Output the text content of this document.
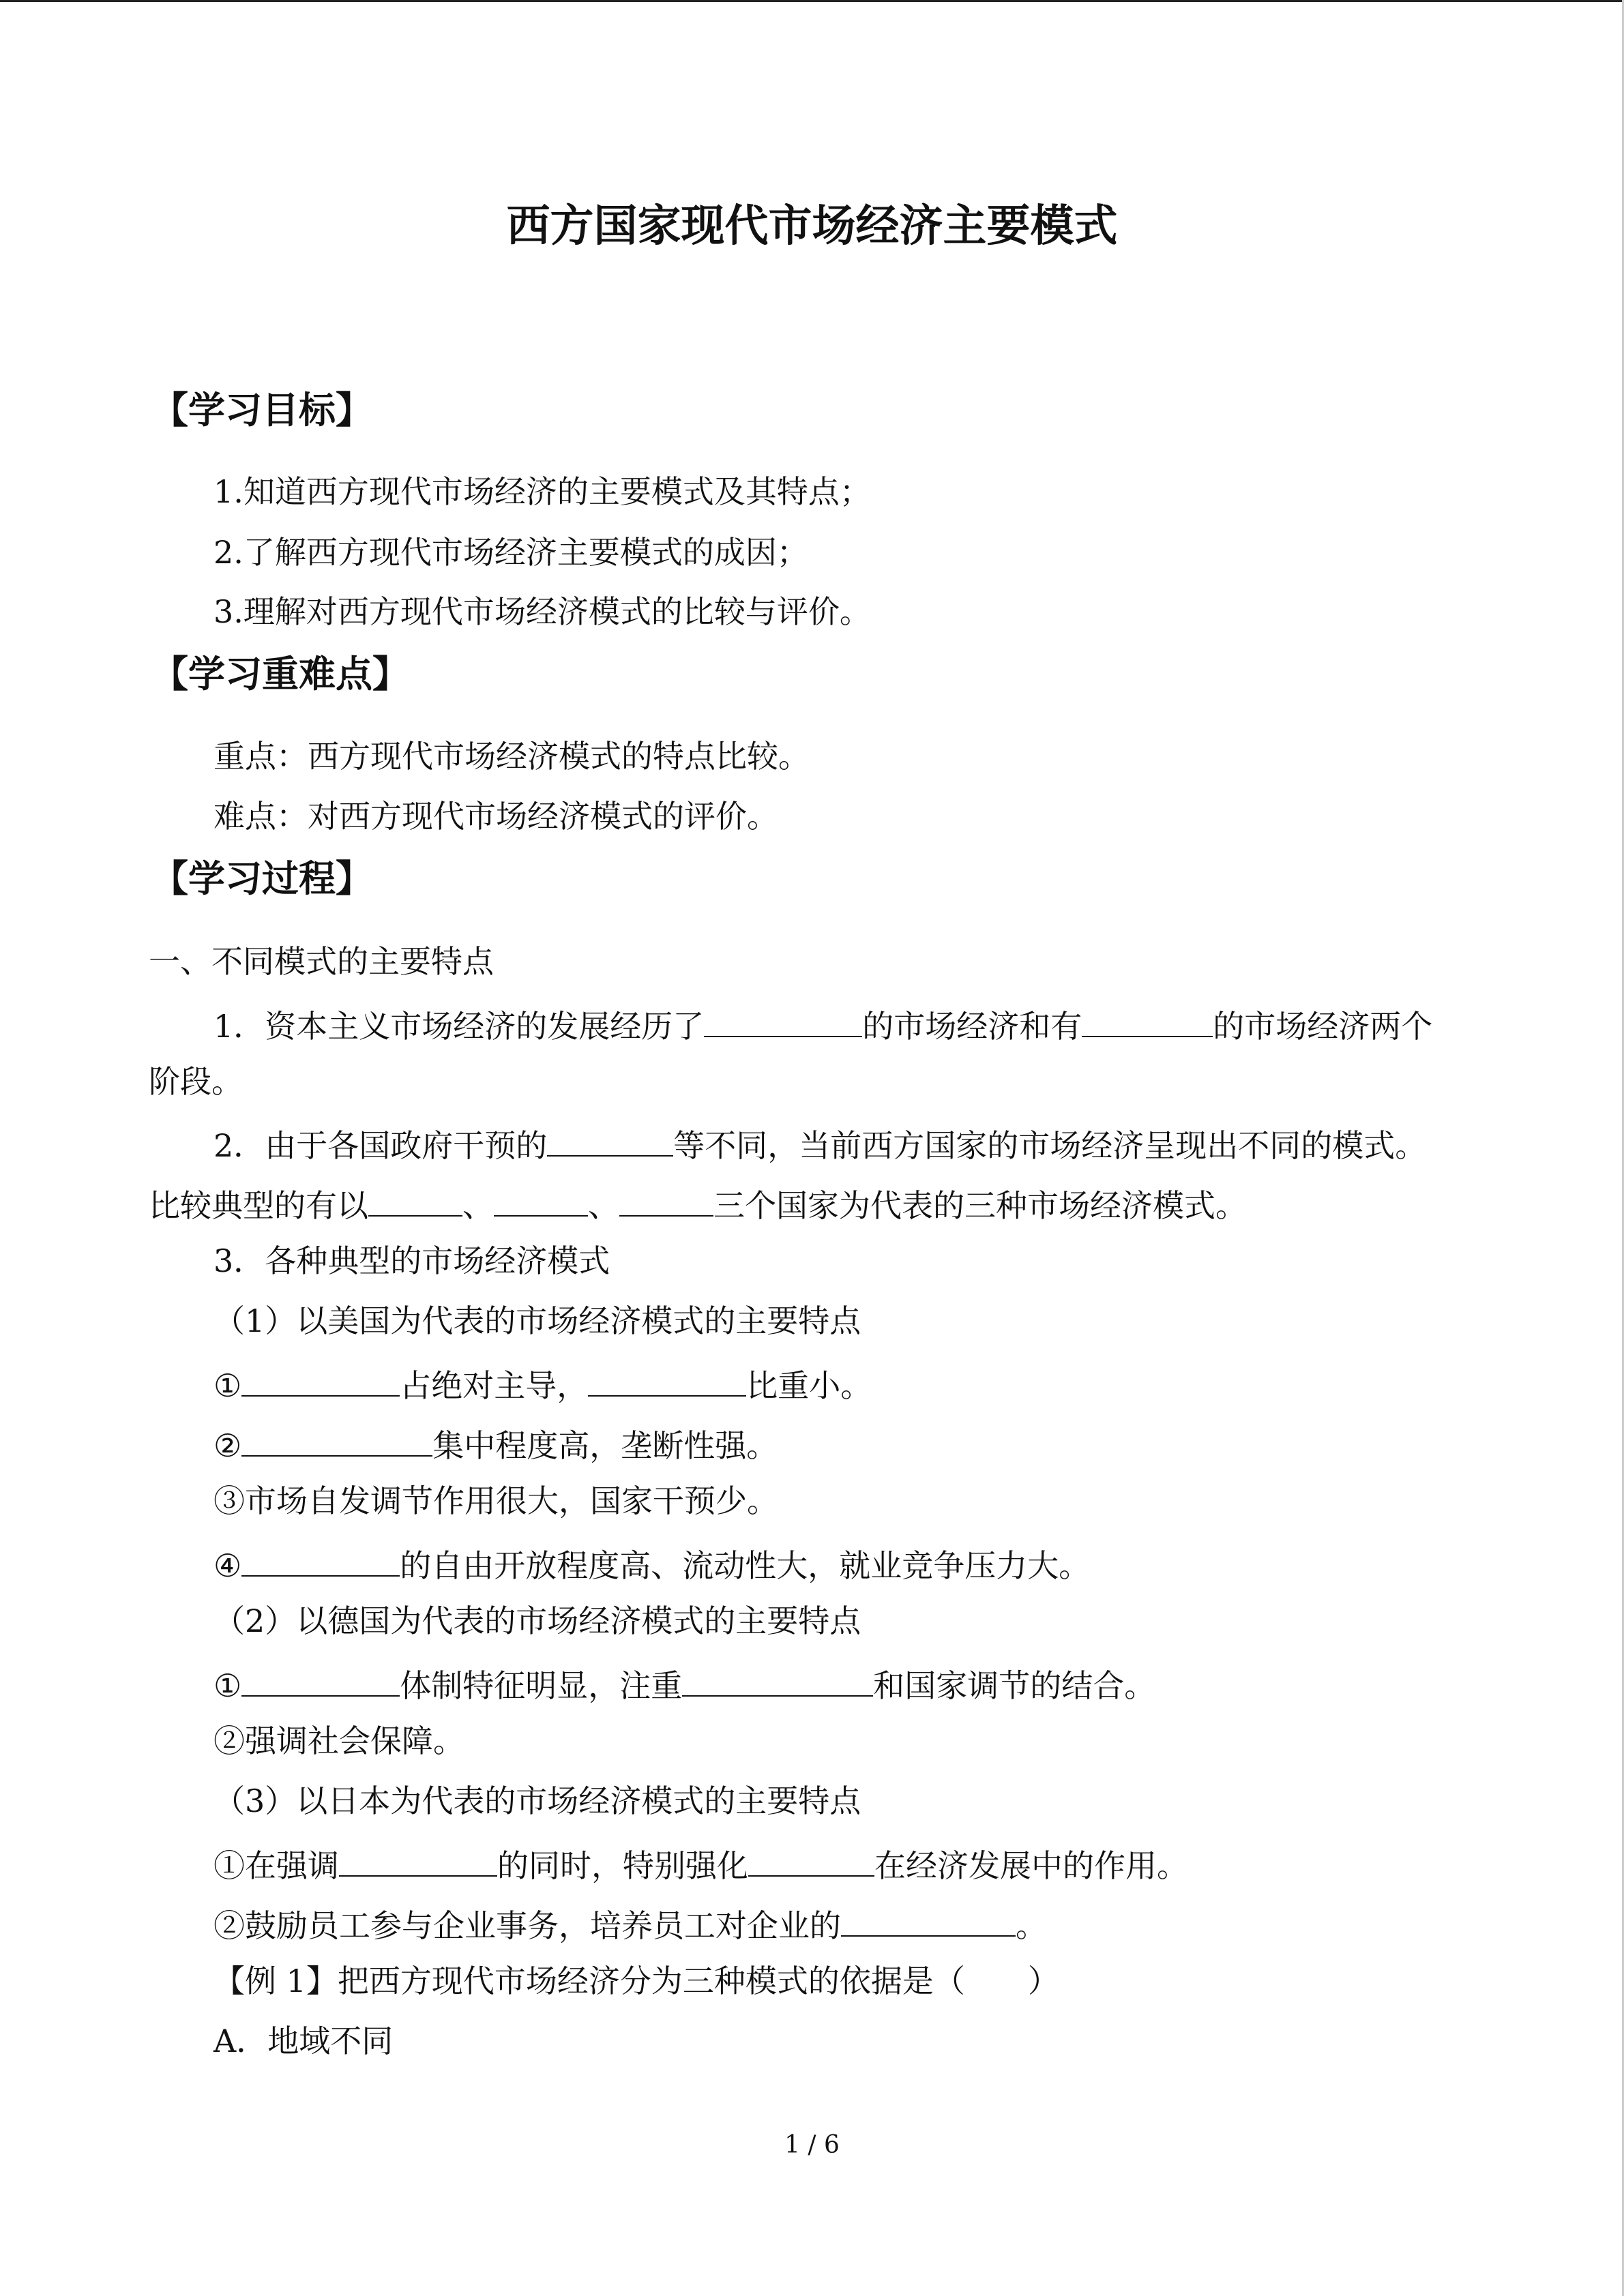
西方国家现代市场经济主要模式
【学习目标】
1.知道西方现代市场经济的主要模式及其特点；
2.了解西方现代市场经济主要模式的成因；
3.理解对西方现代市场经济模式的比较与评价。
【学习重难点】
重点：西方现代市场经济模式的特点比较。
难点：对西方现代市场经济模式的评价。
【学习过程】
一、不同模式的主要特点
1．资本主义市场经济的发展经历了	的市场经济和有	的市场经济两个
阶段。
2．由于各国政府干预的	等不同，当前西方国家的市场经济呈现出不同的模式。
比较典型的有以	、	、	三个国家为代表的三种市场经济模式。
3．各种典型的市场经济模式
（1）以美国为代表的市场经济模式的主要特点
①	占绝对主导，	比重小。
②	集中程度高，垄断性强。
③市场自发调节作用很大，国家干预少。
④	的自由开放程度高、流动性大，就业竞争压力大。
（2）以德国为代表的市场经济模式的主要特点
①	体制特征明显，注重	和国家调节的结合。
②强调社会保障。
（3）以日本为代表的市场经济模式的主要特点
①在强调	的同时，特别强化	在经济发展中的作用。
②鼓励员工参与企业事务，培养员工对企业的	。
【例 1】把西方现代市场经济分为三种模式的依据是（　　）
A．地域不同
1 / 6
